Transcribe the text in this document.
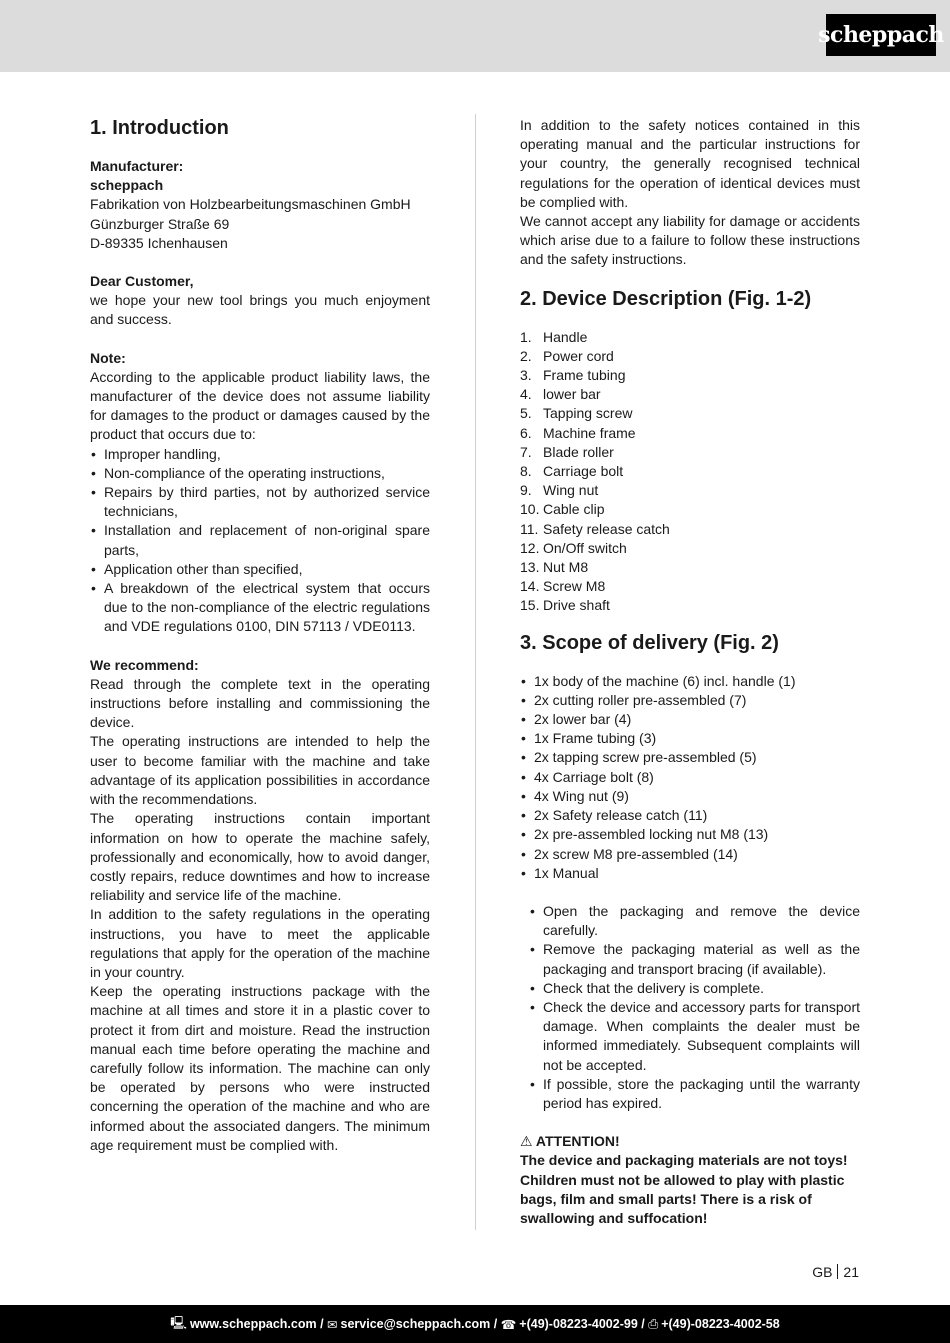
scheppach
1. Introduction

Manufacturer:

scheppach

Fabrikation von Holzbearbeitungsmaschinen GmbH

Günzburger Straße 69

D-89335 Ichenhausen

Dear Customer,

we hope your new tool brings you much enjoyment and success.

Note:

According to the applicable product liability laws, the manufacturer of the device does not assume liability for damages to the product or damages caused by the product that occurs due to:

• Improper handling,
• Non-compliance of the operating instructions,
• Repairs by third parties, not by authorized service technicians,
• Installation and replacement of non-original spare parts,
• Application other than specified,
• A breakdown of the electrical system that occurs due to the non-compliance of the electric regulations and VDE regulations 0100, DIN 57113 / VDE0113.

We recommend:

Read through the complete text in the operating instructions before installing and commissioning the device.

The operating instructions are intended to help the user to become familiar with the machine and take advantage of its application possibilities in accordance with the recommendations.

The operating instructions contain important information on how to operate the machine safely, professionally and economically, how to avoid danger, costly repairs, reduce downtimes and how to increase reliability and service life of the machine.

In addition to the safety regulations in the operating instructions, you have to meet the applicable regulations that apply for the operation of the machine in your country.

Keep the operating instructions package with the machine at all times and store it in a plastic cover to protect it from dirt and moisture. Read the instruction manual each time before operating the machine and carefully follow its information. The machine can only be operated by persons who were instructed concerning the operation of the machine and who are informed about the associated dangers. The minimum age requirement must be complied with.

In addition to the safety notices contained in this operating manual and the particular instructions for your country, the generally recognised technical regulations for the operation of identical devices must be complied with.

We cannot accept any liability for damage or accidents which arise due to a failure to follow these instructions and the safety instructions.

2. Device Description (Fig. 1-2)
1. Handle
2. Power cord
3. Frame tubing
4. lower bar
5. Tapping screw
6. Machine frame
7. Blade roller
8. Carriage bolt
9. Wing nut
10. Cable clip
11. Safety release catch
12. On/Off switch
13. Nut M8
14. Screw M8
15. Drive shaft
3. Scope of delivery (Fig. 2)
• 1x body of the machine (6) incl. handle (1)
• 2x cutting roller pre-assembled (7)
• 2x lower bar (4)
• 1x Frame tubing (3)
• 2x tapping screw pre-assembled (5)
• 4x Carriage bolt (8)
• 4x Wing nut (9)
• 2x Safety release catch (11)
• 2x pre-assembled locking nut M8 (13)
• 2x screw M8 pre-assembled (14)
• 1x Manual
• Open the packaging and remove the device carefully.
• Remove the packaging material as well as the packaging and transport bracing (if available).
• Check that the delivery is complete.
• Check the device and accessory parts for transport damage. When complaints the dealer must be informed immediately. Subsequent complaints will not be accepted.
• If possible, store the packaging until the warranty period has expired.

⚠ ATTENTION!

The device and packaging materials are not toys! Children must not be allowed to play with plastic bags, film and small parts! There is a risk of swallowing and suffocation!

GB 21
🖳 www.scheppach.com / ✉ service@scheppach.com / ☎ +(49)-08223-4002-99 / ⎙ +(49)-08223-4002-58
